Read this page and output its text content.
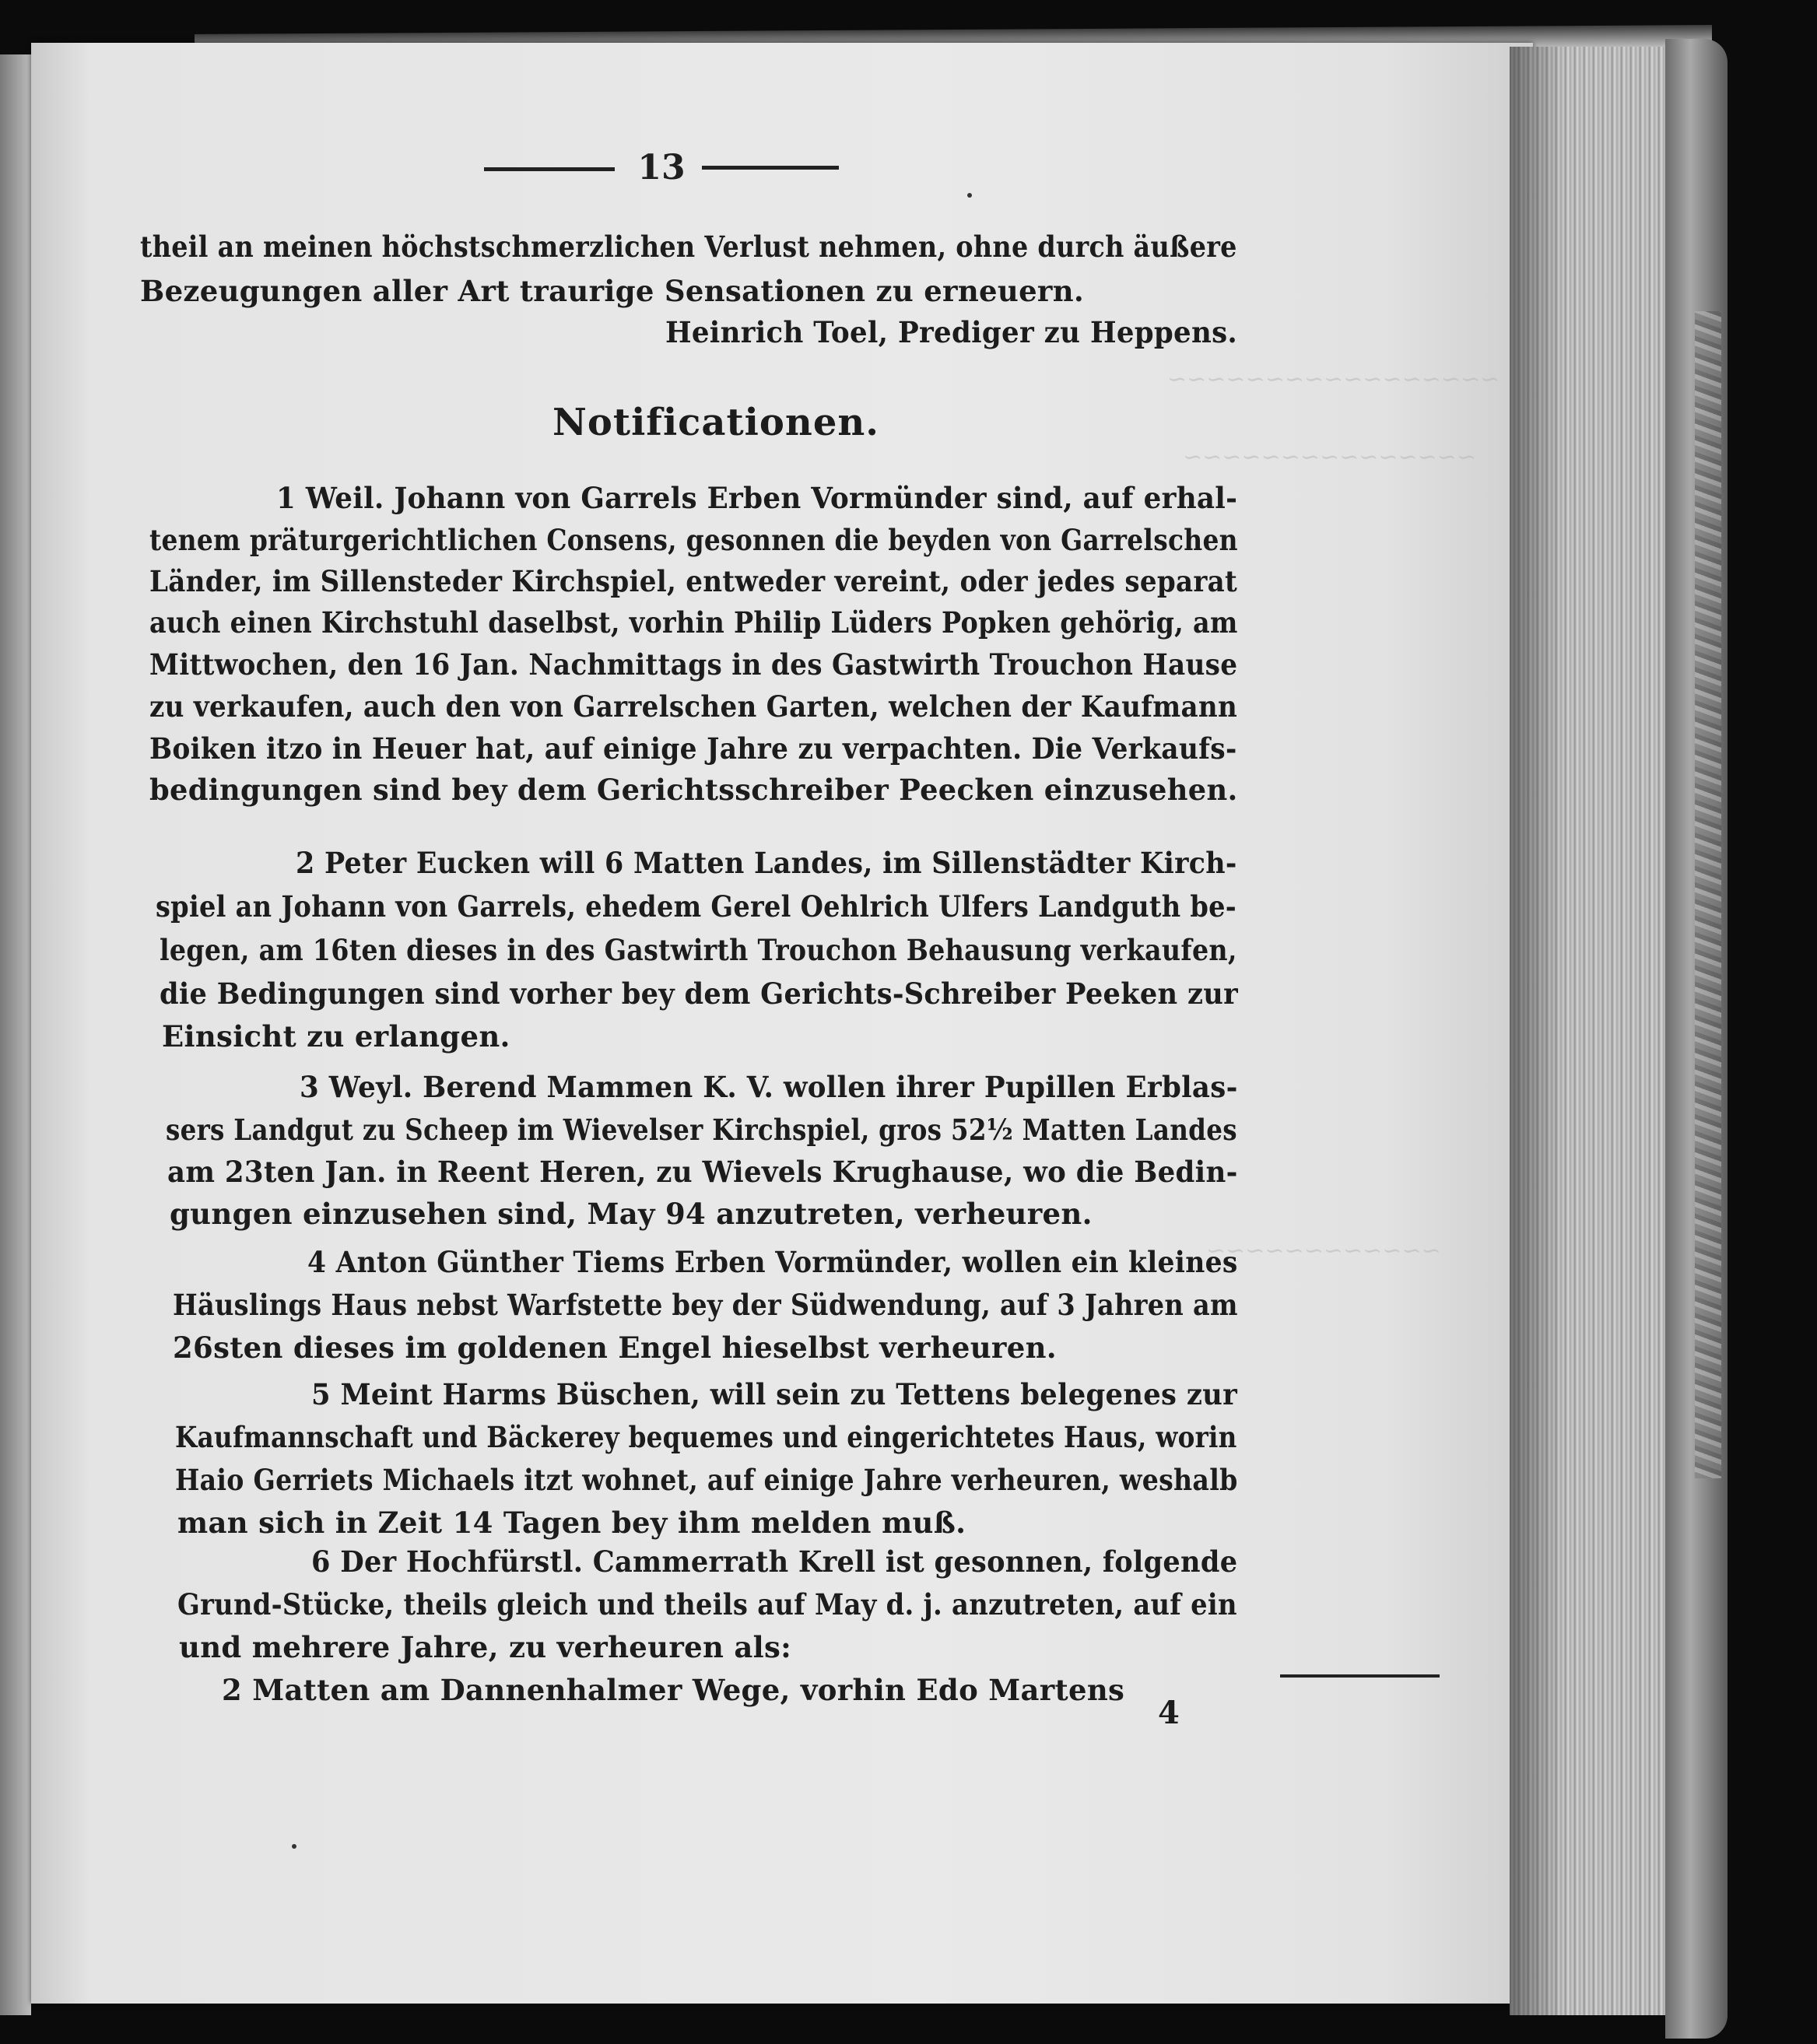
~~~~~~~~~~~~~~~~~
~~~~~~~~~~~~~~~
~~~~~~~~~~~~
13
theil an meinen höchstschmerzlichen Verlust nehmen, ohne durch äußere
Bezeugungen aller Art traurige Sensationen zu erneuern.
Heinrich Toel, Prediger zu Heppens.
Notificationen.
1 Weil. Johann von Garrels Erben Vormünder sind, auf erhal-
tenem präturgerichtlichen Consens, gesonnen die beyden von Garrelschen
Länder, im Sillensteder Kirchspiel, entweder vereint, oder jedes separat
auch einen Kirchstuhl daselbst, vorhin Philip Lüders Popken gehörig, am
Mittwochen, den 16 Jan. Nachmittags in des Gastwirth Trouchon Hause
zu verkaufen, auch den von Garrelschen Garten, welchen der Kaufmann
Boiken itzo in Heuer hat, auf einige Jahre zu verpachten. Die Verkaufs-
bedingungen sind bey dem Gerichtsschreiber Peecken einzusehen.
2 Peter Eucken will 6 Matten Landes, im Sillenstädter Kirch-
spiel an Johann von Garrels, ehedem Gerel Oehlrich Ulfers Landguth be-
legen, am 16ten dieses in des Gastwirth Trouchon Behausung verkaufen,
die Bedingungen sind vorher bey dem Gerichts-Schreiber Peeken zur
Einsicht zu erlangen.
3 Weyl. Berend Mammen K. V. wollen ihrer Pupillen Erblas-
sers Landgut zu Scheep im Wievelser Kirchspiel, gros 52½ Matten Landes
am 23ten Jan. in Reent Heren, zu Wievels Krughause, wo die Bedin-
gungen einzusehen sind, May 94 anzutreten, verheuren.
4 Anton Günther Tiems Erben Vormünder, wollen ein kleines
Häuslings Haus nebst Warfstette bey der Südwendung, auf 3 Jahren am
26sten dieses im goldenen Engel hieselbst verheuren.
5 Meint Harms Büschen, will sein zu Tettens belegenes zur
Kaufmannschaft und Bäckerey bequemes und eingerichtetes Haus, worin
Haio Gerriets Michaels itzt wohnet, auf einige Jahre verheuren, weshalb
man sich in Zeit 14 Tagen bey ihm melden muß.
6 Der Hochfürstl. Cammerrath Krell ist gesonnen, folgende
Grund-Stücke, theils gleich und theils auf May d. j. anzutreten, auf ein
und mehrere Jahre, zu verheuren als:
2 Matten am Dannenhalmer Wege, vorhin Edo Martens
4
